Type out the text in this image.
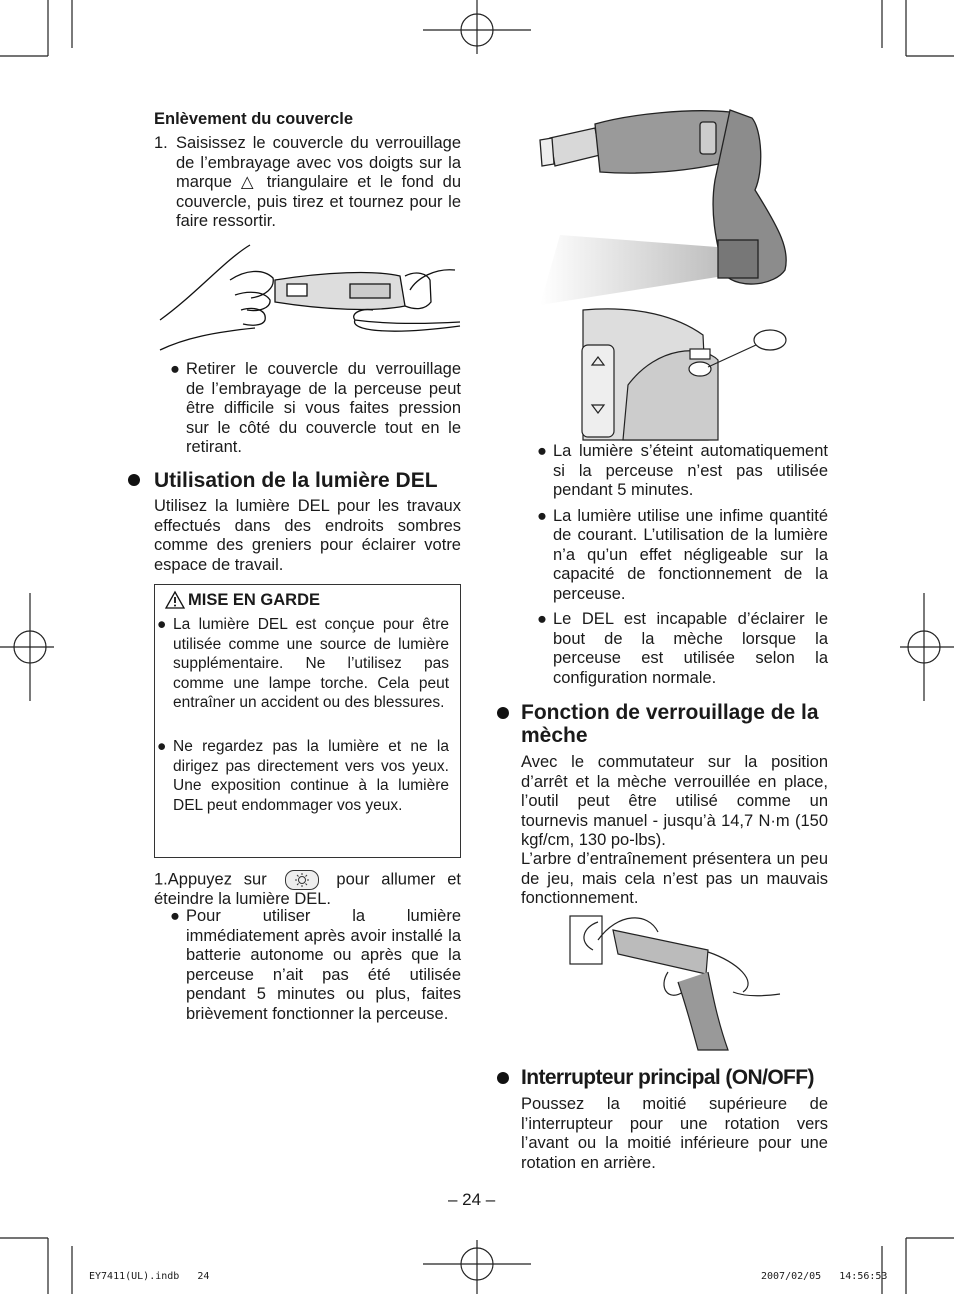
Enlèvement du couvercle
1. Saisissez le couvercle du verrouillage de l’embrayage avec vos doigts sur la marque △ triangulaire et le fond du couvercle, puis tirez et tournez pour le faire ressortir.
● Retirer le couvercle du verrouillage de l’embrayage de la perceuse peut être difficile si vous faites pression sur le côté du couvercle tout en le retirant.
Utilisation de la lumière DEL
Utilisez la lumière DEL pour les travaux effectués dans des endroits sombres comme des greniers pour éclairer votre espace de travail.
MISE EN GARDE
● La lumière DEL est conçue pour être utilisée comme une source de lumière supplémentaire. Ne l’utilisez pas comme une lampe torche. Cela peut entraîner un accident ou des blessures.
● Ne regardez pas la lumière et ne la dirigez pas directement vers vos yeux. Une exposition continue à la lumière DEL peut endommager vos yeux.
1.Appuyez sur	pour allumer et éteindre la lumière DEL.
● Pour utiliser la lumière immédiatement après avoir installé la batterie autonome ou après que la perceuse n’ait pas été utilisée pendant 5 minutes ou plus, faites brièvement fonctionner la perceuse.
● La lumière s’éteint automatiquement si la perceuse n’est pas utilisée pendant 5 minutes.
● La lumière utilise une infime quantité de courant. L’utilisation de la lumière n’a qu’un effet négligeable sur la capacité de fonctionnement de la perceuse.
● Le DEL est incapable d’éclairer le bout de la mèche lorsque la perceuse est utilisée selon la configuration normale.
Fonction de verrouillage de la mèche
Avec le commutateur sur la position d’arrêt et la mèche verrouillée en place, l’outil peut être utilisé comme un tournevis manuel - jusqu’à 14,7 N·m (150 kgf/cm, 130 po-lbs).
L’arbre d’entraînement présentera un peu de jeu, mais cela n’est pas un mauvais fonctionnement.
Interrupteur principal (ON/OFF)
Poussez la moitié supérieure de l’interrupteur pour une rotation vers l’avant ou la moitié inférieure pour une rotation en arrière.
– 24 –
EY7411(UL).indb   24	2007/02/05   14:56:53
